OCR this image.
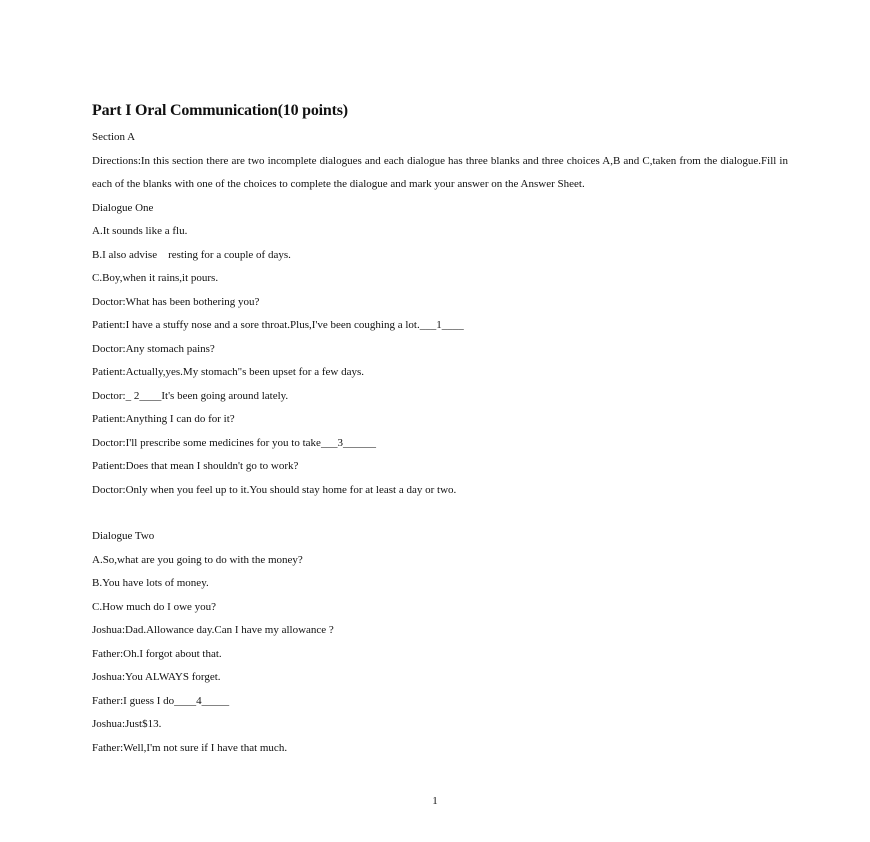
Part I Oral Communication(10 points)

Section A

Directions:In this section there are two incomplete dialogues and each dialogue has three blanks and three choices A,B and C,taken from the dialogue.Fill in each of the blanks with one of the choices to complete the dialogue and mark your answer on the Answer Sheet.

Dialogue One

A.It sounds like a flu.

B.I also advise    resting for a couple of days.

C.Boy,when it rains,it pours.

Doctor:What has been bothering you?

Patient:I have a stuffy nose and a sore throat.Plus,I've been coughing a lot.___1____

Doctor:Any stomach pains?

Patient:Actually,yes.My stomach"s been upset for a few days.

Doctor:_ 2____It's been going around lately.

Patient:Anything I can do for it?

Doctor:I'll prescribe some medicines for you to take___3______

Patient:Does that mean I shouldn't go to work?

Doctor:Only when you feel up to it.You should stay home for at least a day or two.

Dialogue Two

A.So,what are you going to do with the money?

B.You have lots of money.

C.How much do I owe you?

Joshua:Dad.Allowance day.Can I have my allowance ?

Father:Oh.I forgot about that.

Joshua:You ALWAYS forget.

Father:I guess I do____4_____

Joshua:Just$13.

Father:Well,I'm not sure if I have that much.

1
